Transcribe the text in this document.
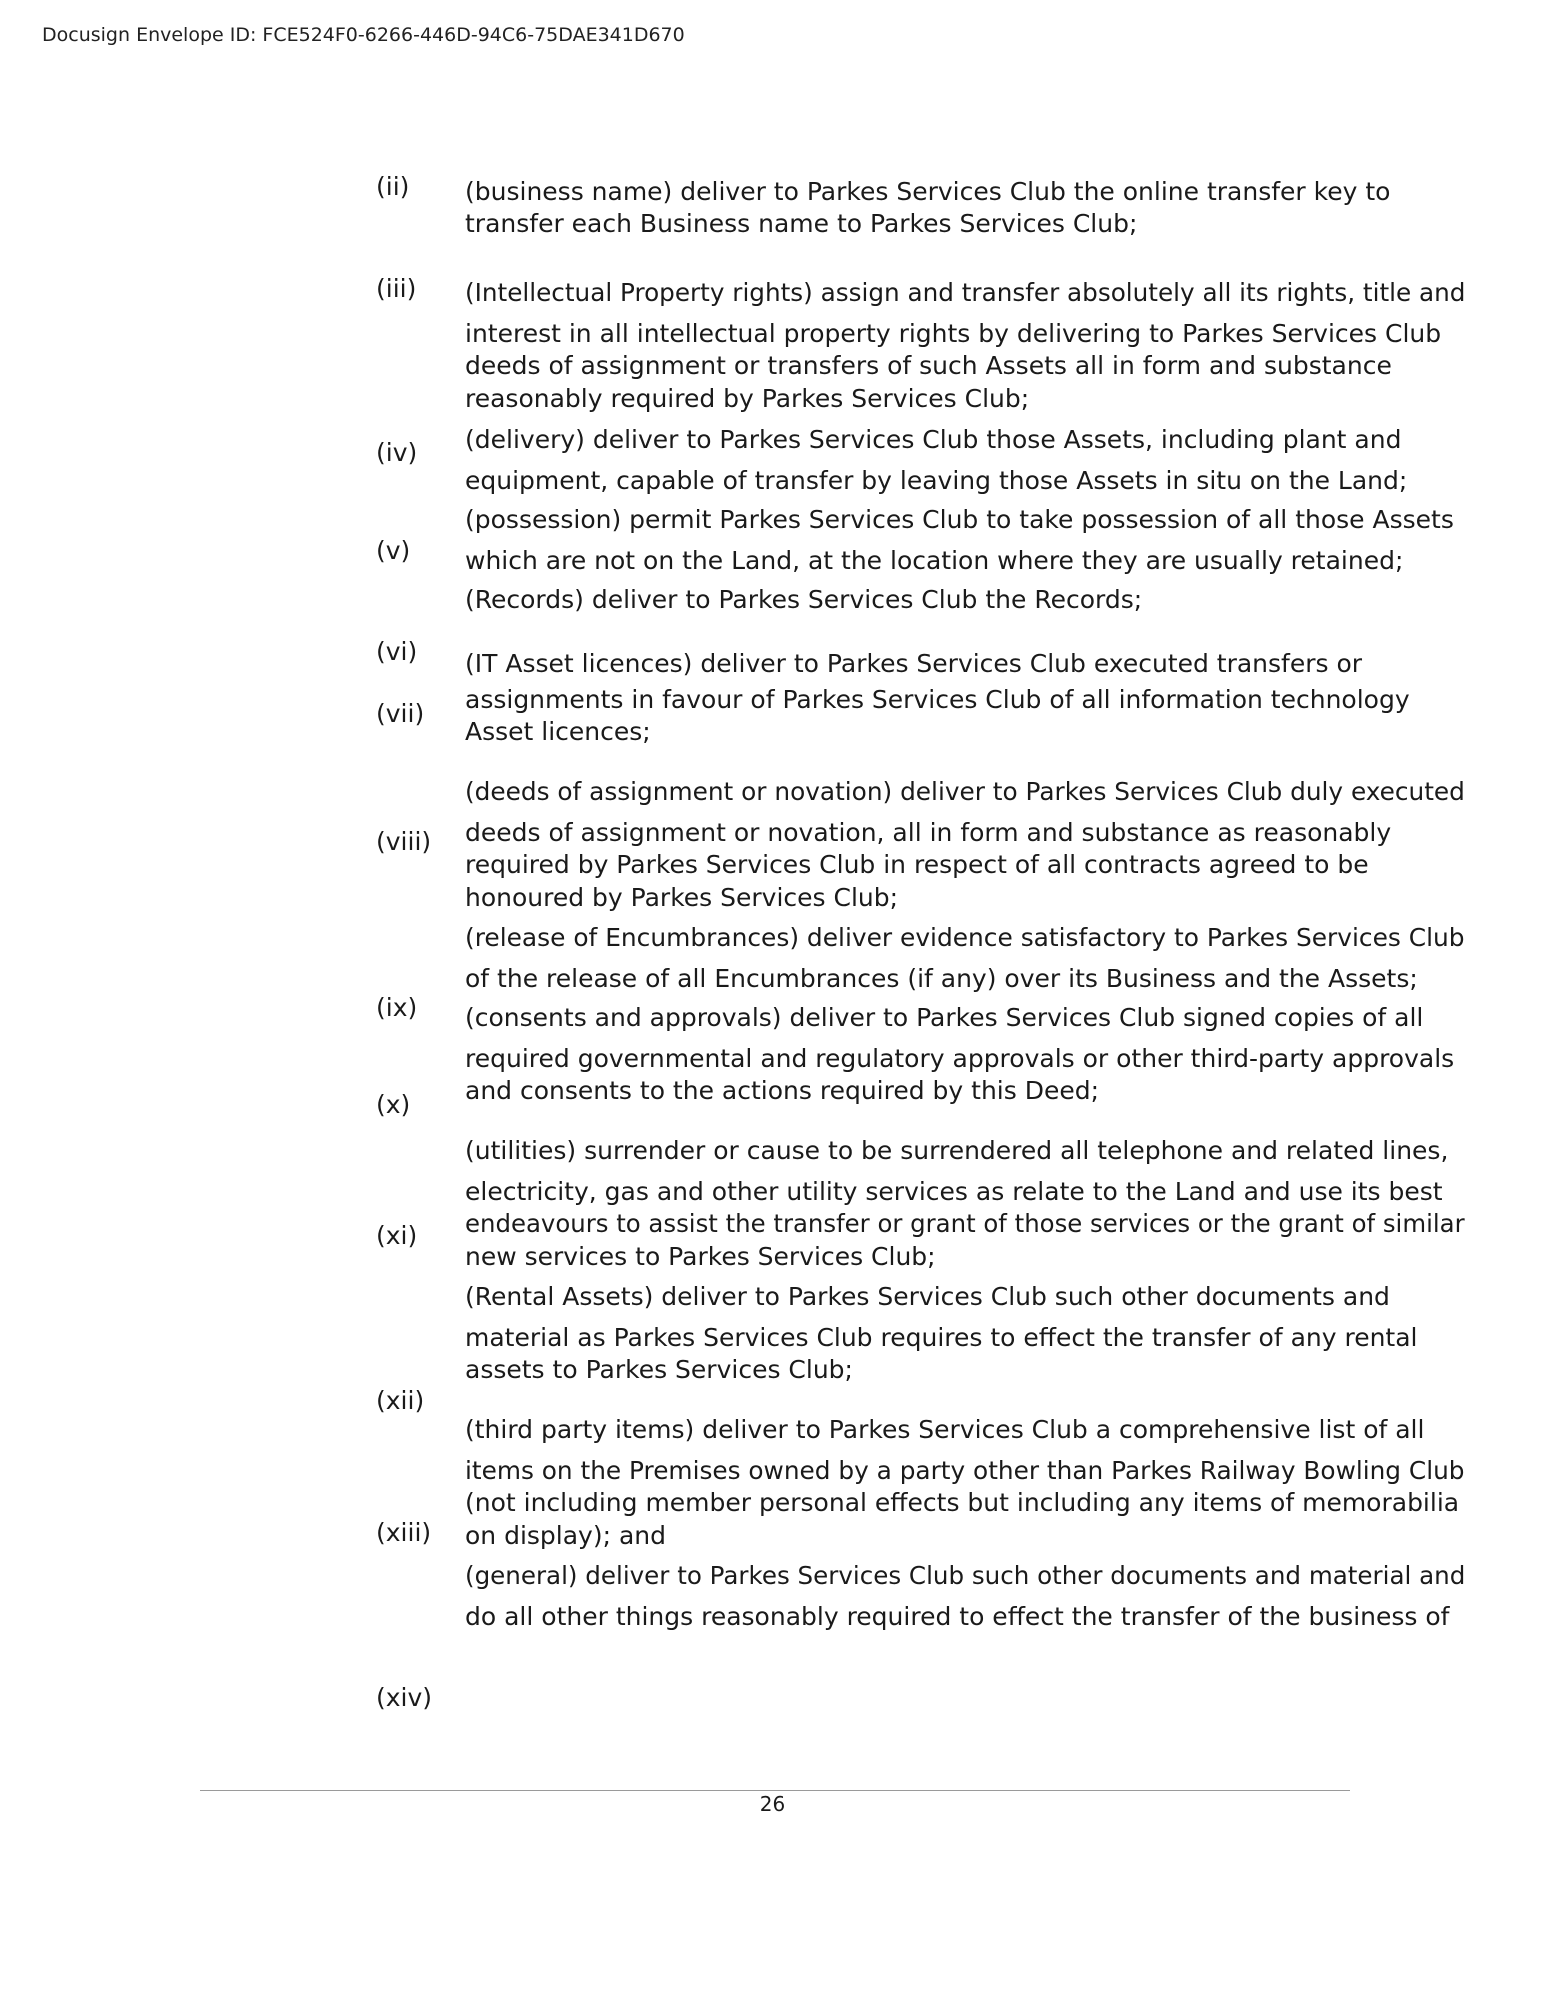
Docusign Envelope ID: FCE524F0-6266-446D-94C6-75DAE341D670
(ii)
(iii)
(iv)
(v)
(vi)
(vii)
(viii)
(ix)
(x)
(xi)
(xii)
(xiii)
(xiv)
(business name) deliver to Parkes Services Club the online transfer key to
transfer each Business name to Parkes Services Club;
(Intellectual Property rights) assign and transfer absolutely all its rights, title and
interest in all intellectual property rights by delivering to Parkes Services Club
deeds of assignment or transfers of such Assets all in form and substance
reasonably required by Parkes Services Club;
(delivery) deliver to Parkes Services Club those Assets, including plant and
equipment, capable of transfer by leaving those Assets in situ on the Land;
(possession) permit Parkes Services Club to take possession of all those Assets
which are not on the Land, at the location where they are usually retained;
(Records) deliver to Parkes Services Club the Records;
(IT Asset licences) deliver to Parkes Services Club executed transfers or
assignments in favour of Parkes Services Club of all information technology
Asset licences;
(deeds of assignment or novation) deliver to Parkes Services Club duly executed
deeds of assignment or novation, all in form and substance as reasonably
required by Parkes Services Club in respect of all contracts agreed to be
honoured by Parkes Services Club;
(release of Encumbrances) deliver evidence satisfactory to Parkes Services Club
of the release of all Encumbrances (if any) over its Business and the Assets;
(consents and approvals) deliver to Parkes Services Club signed copies of all
required governmental and regulatory approvals or other third-party approvals
and consents to the actions required by this Deed;
(utilities) surrender or cause to be surrendered all telephone and related lines,
electricity, gas and other utility services as relate to the Land and use its best
endeavours to assist the transfer or grant of those services or the grant of similar
new services to Parkes Services Club;
(Rental Assets) deliver to Parkes Services Club such other documents and
material as Parkes Services Club requires to effect the transfer of any rental
assets to Parkes Services Club;
(third party items) deliver to Parkes Services Club a comprehensive list of all
items on the Premises owned by a party other than Parkes Railway Bowling Club
(not including member personal effects but including any items of memorabilia
on display); and
(general) deliver to Parkes Services Club such other documents and material and
do all other things reasonably required to effect the transfer of the business of
26
